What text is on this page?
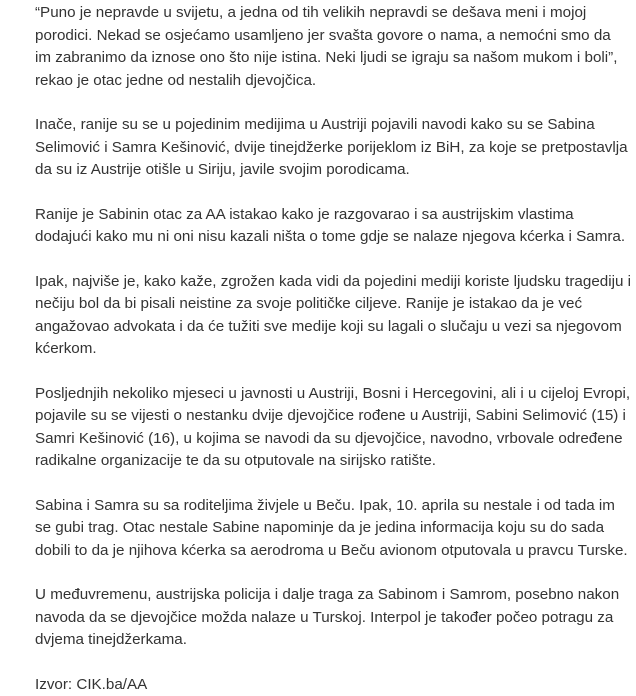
“Puno je nepravde u svijetu, a jedna od tih velikih nepravdi se dešava meni i mojoj
porodici. Nekad se osjećamo usamljeno jer svašta govore o nama, a nemoćni smo da
im zabranimo da iznose ono što nije istina. Neki ljudi se igraju sa našom mukom i boli”,
rekao je otac jedne od nestalih djevojčica.

Inače, ranije su se u pojedinim medijima u Austriji pojavili navodi kako su se Sabina
Selimović i Samra Kešinović, dvije tinejdžerke porijeklom iz BiH, za koje se pretpostavlja
da su iz Austrije otišle u Siriju, javile svojim porodicama.

Ranije je Sabinin otac za AA istakao kako je razgovarao i sa austrijskim vlastima
dodajući kako mu ni oni nisu kazali ništa o tome gdje se nalaze njegova kćerka i Samra.

Ipak, najviše je, kako kaže, zgrožen kada vidi da pojedini mediji koriste ljudsku tragediju i
nečiju bol da bi pisali neistine za svoje političke ciljeve. Ranije je istakao da je već
angažovao advokata i da će tužiti sve medije koji su lagali o slučaju u vezi sa njegovom
kćerkom.

Posljednjih nekoliko mjeseci u javnosti u Austriji, Bosni i Hercegovini, ali i u cijeloj Evropi,
pojavile su se vijesti o nestanku dvije djevojčice rođene u Austriji, Sabini Selimović (15) i
Samri Kešinović (16), u kojima se navodi da su djevojčice, navodno, vrbovale određene
radikalne organizacije te da su otputovale na sirijsko ratište.

Sabina i Samra su sa roditeljima živjele u Beču. Ipak, 10. aprila su nestale i od tada im
se gubi trag. Otac nestale Sabine napominje da je jedina informacija koju su do sada
dobili to da je njihova kćerka sa aerodroma u Beču avionom otputovala u pravcu Turske.

U međuvremenu, austrijska policija i dalje traga za Sabinom i Samrom, posebno nakon
navoda da se djevojčice možda nalaze u Turskoj. Interpol je također počeo potragu za
dvjema tinejdžerkama.

Izvor: CIK.ba/AA
